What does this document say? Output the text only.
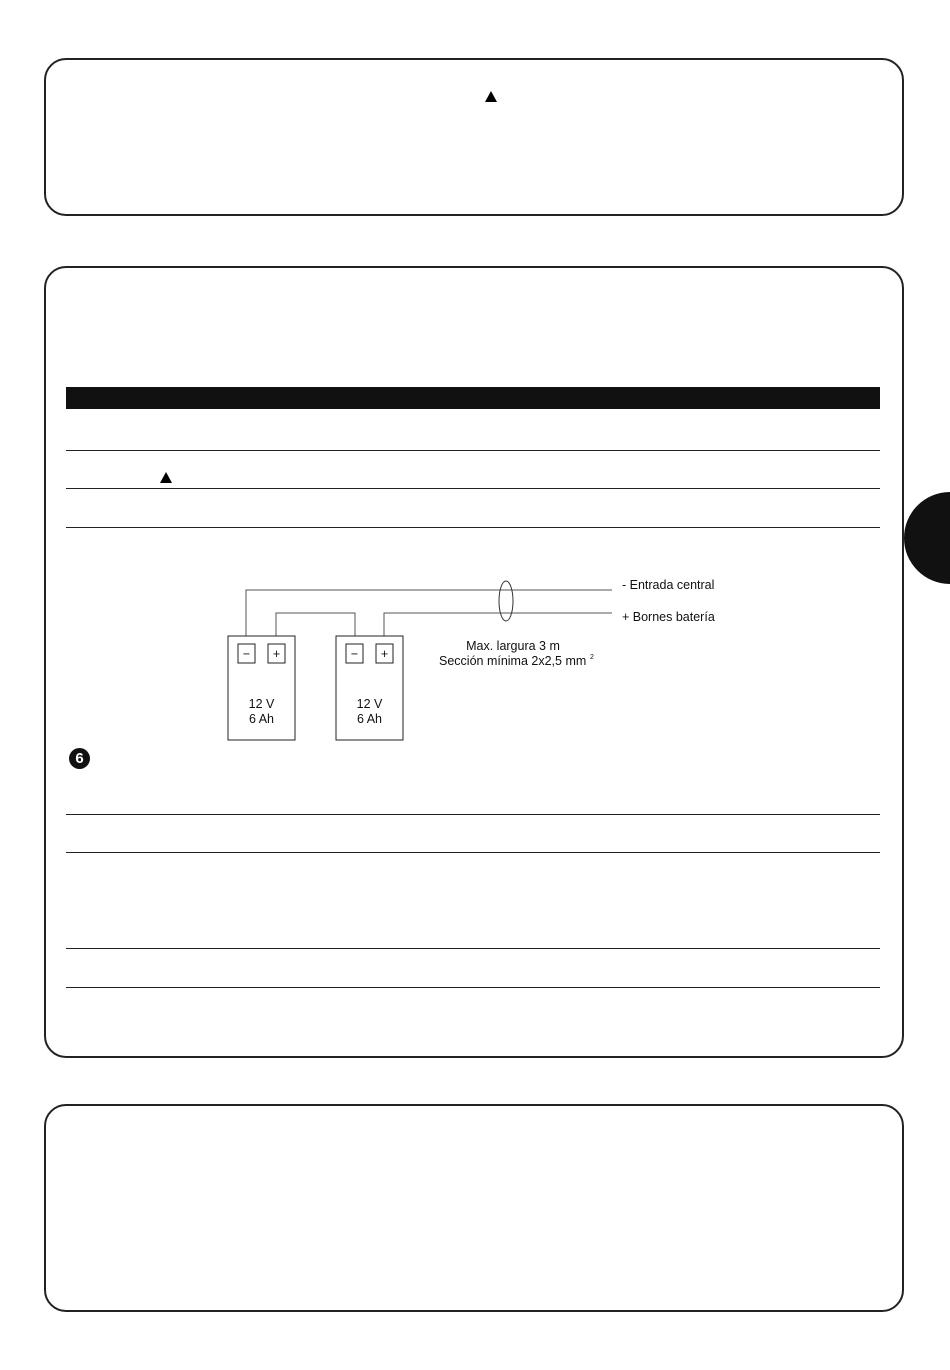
− +
12 V
6 Ah
− +
12 V
6 Ah
- Entrada central
+ Bornes batería
Max. largura 3 m
Sección mínima 2x2,5 mm 2
6
